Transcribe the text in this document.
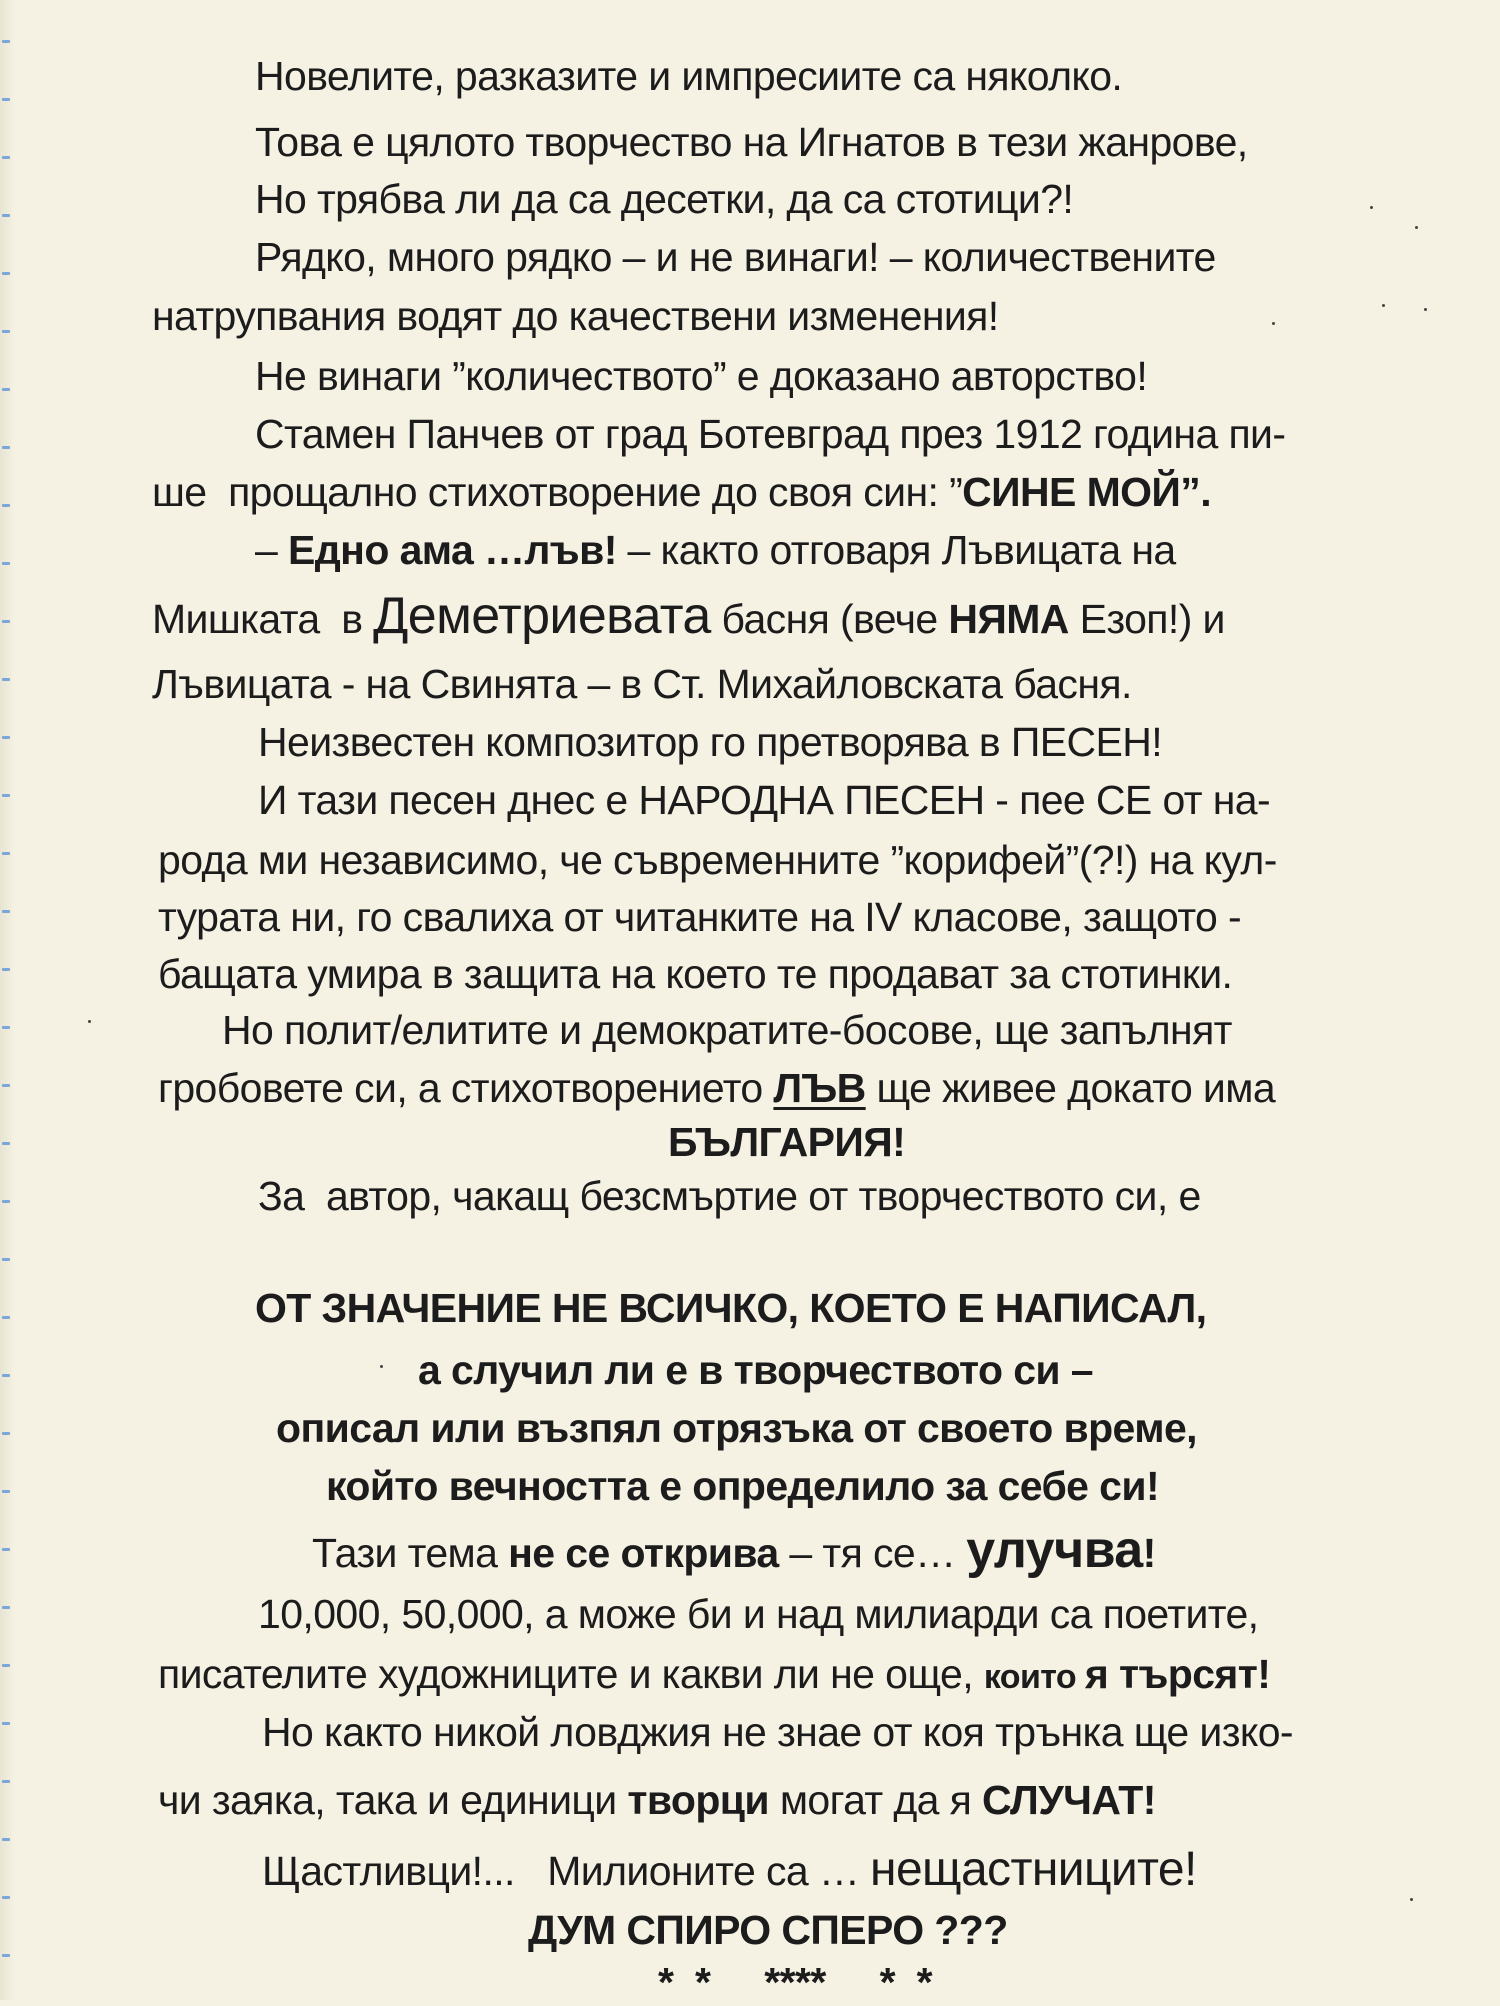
Новелите, разказите и импресиите са няколко.
Това е цялото творчество на Игнатов в тези жанрове,
Но трябва ли да са десетки, да са стотици?!
Рядко, много рядко – и не винаги! – количествените
натрупвания водят до качествени изменения!
Не винаги ”количеството” е доказано авторство!
Стамен Панчев от град Ботевград през 1912 година пи-
ше  прощално стихотворение до своя син: ”СИНЕ МОЙ”.
– Едно ама …лъв! – както отговаря Лъвицата на
Мишката  в Деметриевата басня (вече НЯМА Езоп!) и
Лъвицата - на Свинята – в Ст. Михайловската басня.
Неизвестен композитор го претворява в ПЕСЕН!
И тази песен днес е НАРОДНА ПЕСЕН - пее СЕ от на-
рода ми независимо, че съвременните ”корифей”(?!) на кул-
турата ни, го свалиха от читанките на IV класове, защото -
бащата умира в защита на което те продават за стотинки.
Но полит/елитите и демократите-босове, ще запълнят
гробовете си, а стихотворението ЛЪВ ще живее докато има
БЪЛГАРИЯ!
За  автор, чакащ безсмъртие от творчеството си, е
ОТ ЗНАЧЕНИЕ НЕ ВСИЧКО, КОЕТО Е НАПИСАЛ,
а случил ли е в творчеството си –
описал или възпял отрязъка от своето време,
който вечността е определило за себе си!
Тази тема не се открива – тя се… улучва!
10,000, 50,000, а може би и над милиарди са поетите,
писателите художниците и какви ли не още, които я търсят!
Но както никой ловджия не знае от коя трънка ще изко-
чи заяка, така и единици творци могат да я СЛУЧАТ!
Щастливци!...   Милионите са … нещастниците!
ДУМ СПИРО СПЕРО ???
*  *     ****     *  *
